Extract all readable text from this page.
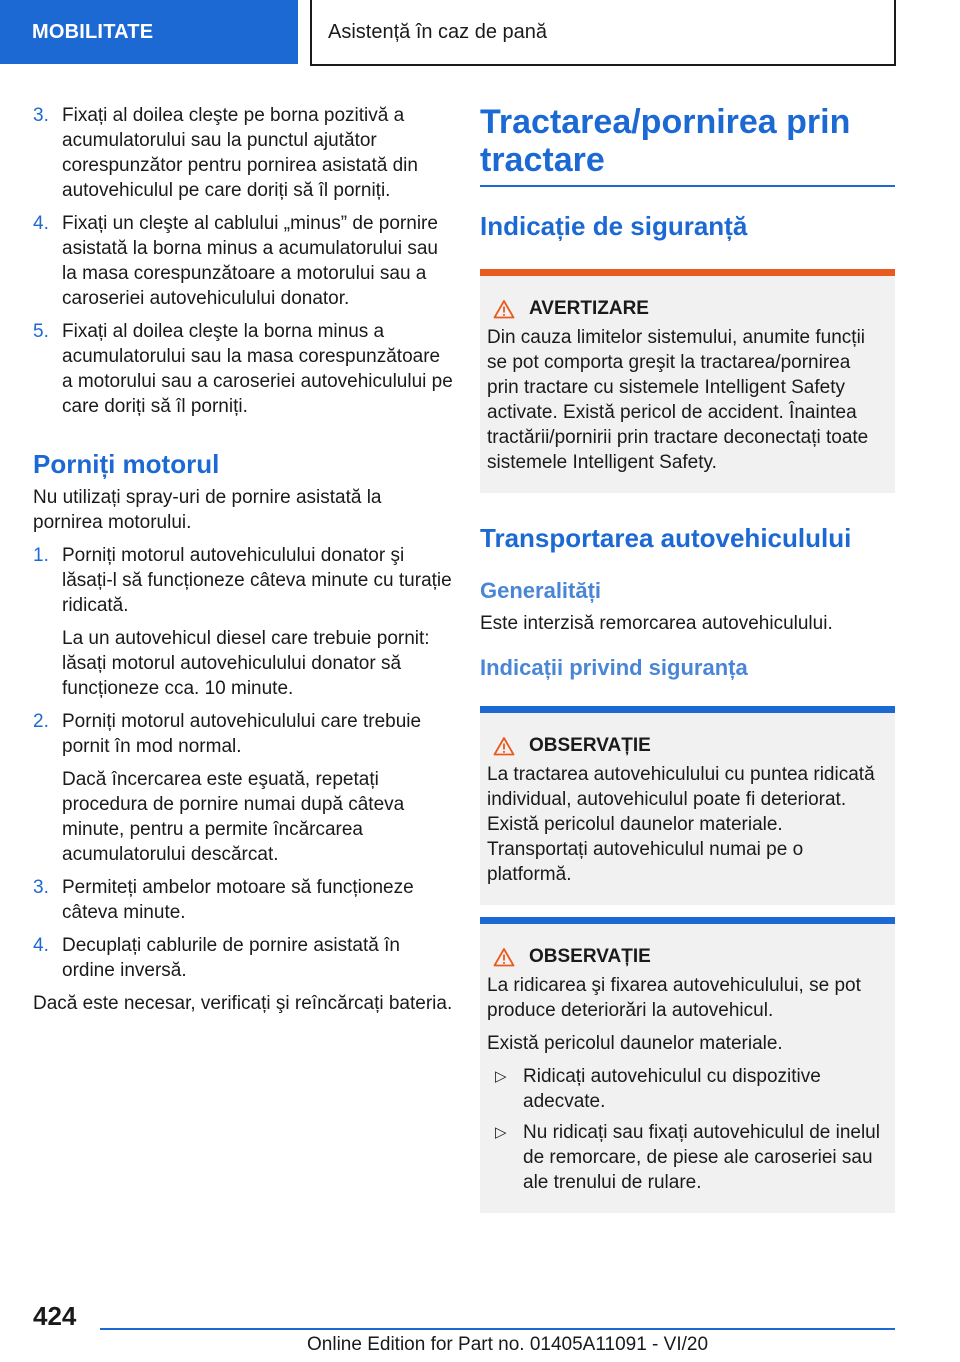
MOBILITATE	Asistență în caz de pană
3. Fixați al doilea cleşte pe borna pozitivă a acumulatorului sau la punctul ajutător corespunzător pentru pornirea asistată din autovehiculul pe care doriți să îl porniți.

4. Fixați un cleşte al cablului „minus” de pornire asistată la borna minus a acumulatorului sau la masa corespunzătoare a motorului sau a caroseriei autovehiculului donator.

5. Fixați al doilea cleşte la borna minus a acumulatorului sau la masa corespunzătoare a motorului sau a caroseriei autovehiculului pe care doriți să îl porniți.

Porniți motorul

Nu utilizați spray-uri de pornire asistată la pornirea motorului.

1. Porniți motorul autovehiculului donator şi lăsați-l să funcționeze câteva minute cu turație ridicată.

La un autovehicul diesel care trebuie pornit: lăsați motorul autovehiculului donator să funcționeze cca. 10 minute.

2. Porniți motorul autovehiculului care trebuie pornit în mod normal.

Dacă încercarea este eşuată, repetați procedura de pornire numai după câteva minute, pentru a permite încărcarea acumulatorului descărcat.

3. Permiteți ambelor motoare să funcționeze câteva minute.

4. Decuplați cablurile de pornire asistată în ordine inversă.

Dacă este necesar, verificați şi reîncărcați bateria.

Tractarea/pornirea prin tractare
Indicație de siguranță
AVERTIZARE

Din cauza limitelor sistemului, anumite funcții se pot comporta greşit la tractarea/pornirea prin tractare cu sistemele Intelligent Safety activate. Există pericol de accident. Înaintea tractării/pornirii prin tractare deconectați toate sistemele Intelligent Safety.

Transportarea autovehiculului
Generalități

Este interzisă remorcarea autovehiculului.

Indicații privind siguranța
OBSERVAȚIE

La tractarea autovehiculului cu puntea ridicată individual, autovehiculul poate fi deteriorat. Există pericolul daunelor materiale. Transportați autovehiculul numai pe o platformă.

OBSERVAȚIE

La ridicarea şi fixarea autovehiculului, se pot produce deteriorări la autovehicul.

Există pericolul daunelor materiale.

▷ Ridicați autovehiculul cu dispozitive adecvate.
▷ Nu ridicați sau fixați autovehiculul de inelul de remorcare, de piese ale caroseriei sau ale trenului de rulare.
424
Online Edition for Part no. 01405A11091 - VI/20
